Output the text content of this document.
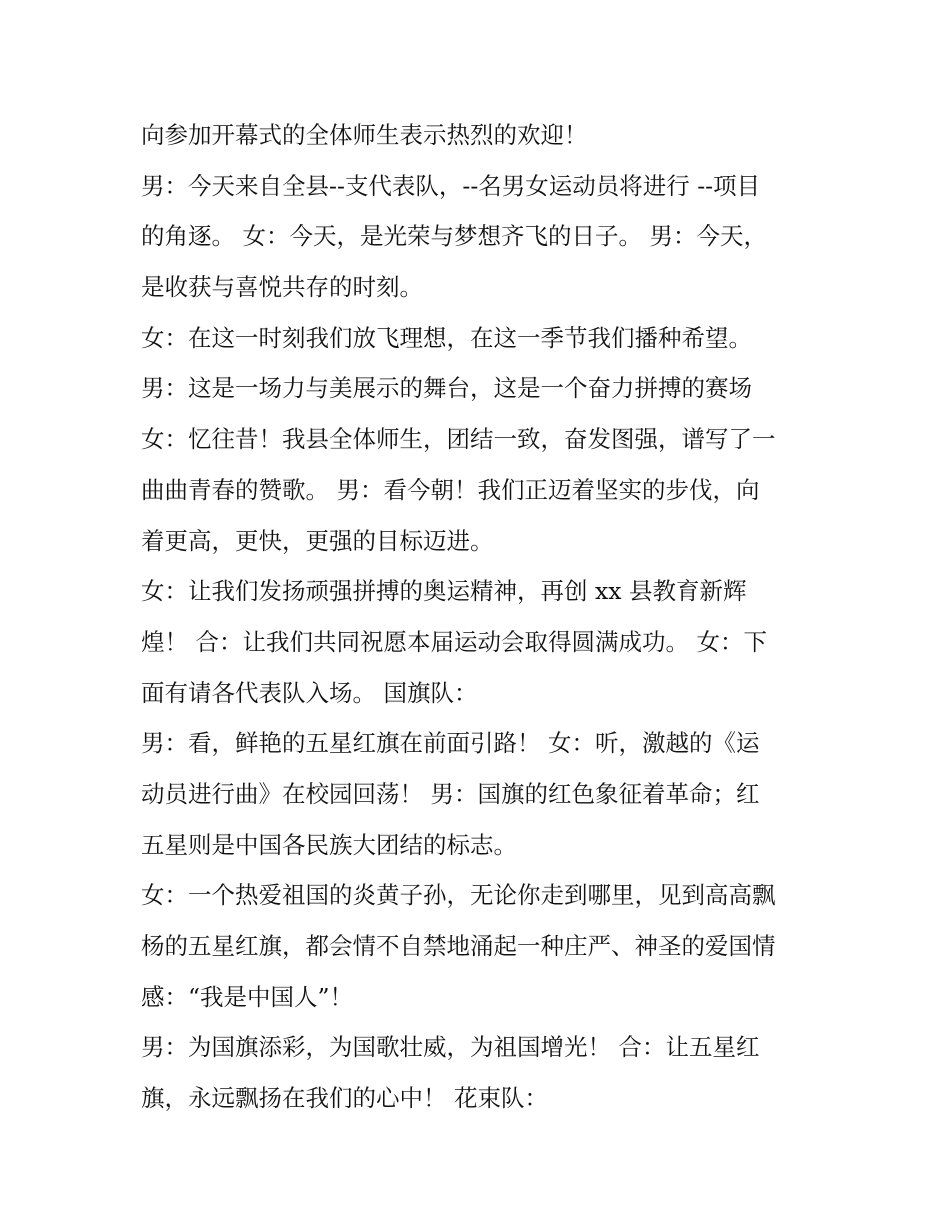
向参加开幕式的全体师生表示热烈的欢迎！
男：今天来自全县--支代表队，--名男女运动员将进行 --项目
的角逐。 女：今天，是光荣与梦想齐飞的日子。 男：今天，
是收获与喜悦共存的时刻。
女：在这一时刻我们放飞理想，在这一季节我们播种希望。
男：这是一场力与美展示的舞台，这是一个奋力拼搏的赛场
女：忆往昔！我县全体师生，团结一致，奋发图强，谱写了一
曲曲青春的赞歌。 男：看今朝！我们正迈着坚实的步伐，向
着更高，更快，更强的目标迈进。
女：让我们发扬顽强拼搏的奥运精神，再创 xx 县教育新辉
煌！ 合：让我们共同祝愿本届运动会取得圆满成功。 女：下
面有请各代表队入场。 国旗队：
男：看，鲜艳的五星红旗在前面引路！ 女：听，激越的《运
动员进行曲》在校园回荡！ 男：国旗的红色象征着革命；红
五星则是中国各民族大团结的标志。
女：一个热爱祖国的炎黄子孙，无论你走到哪里，见到高高飘
杨的五星红旗，都会情不自禁地涌起一种庄严、神圣的爱国情
感：“我是中国人”！
男：为国旗添彩，为国歌壮威，为祖国增光！ 合：让五星红
旗，永远飘扬在我们的心中！ 花束队：
